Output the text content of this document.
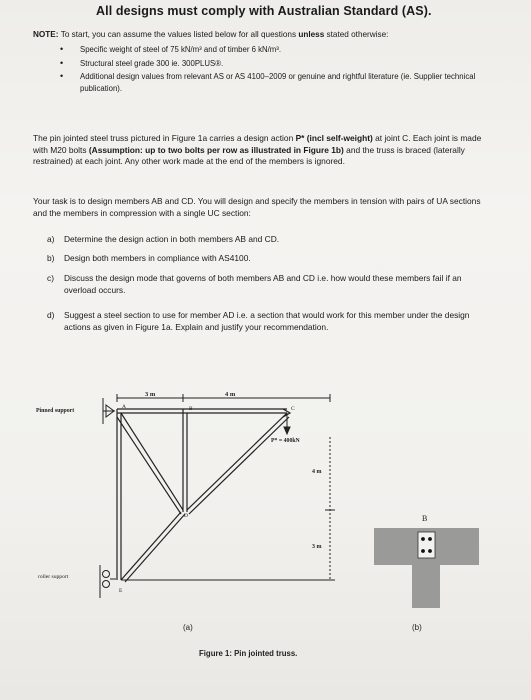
All designs must comply with Australian Standard (AS).
NOTE: To start, you can assume the values listed below for all questions unless stated otherwise:
• Specific weight of steel of 75 kN/m³ and of timber 6 kN/m³.
• Structural steel grade 300 ie. 300PLUS®.
• Additional design values from relevant AS or AS 4100–2009 or genuine and rightful literature (ie. Supplier technical publication).
The pin jointed steel truss pictured in Figure 1a carries a design action P* (incl self-weight) at joint C. Each joint is made with M20 bolts (Assumption: up to two bolts per row as illustrated in Figure 1b) and the truss is braced (laterally restrained) at each joint. Any other work made at the end of the members is ignored.
Your task is to design members AB and CD. You will design and specify the members in tension with pairs of UA sections and the members in compression with a single UC section:
a)	Determine the design action in both members AB and CD.
b)	Design both members in compliance with AS4100.
c)	Discuss the design mode that governs of both members AB and CD i.e. how would these members fail if an overload occurs.
d)	Suggest a steel section to use for member AD i.e. a section that would work for this member under the design actions as given in Figure 1a. Explain and justify your recommendation.
3 m	4 m
4 m
3 m
Pinned support
roller support
P* = 400kN
A	B	C
D
E
B
(a)	(b)
Figure 1: Pin jointed truss.
